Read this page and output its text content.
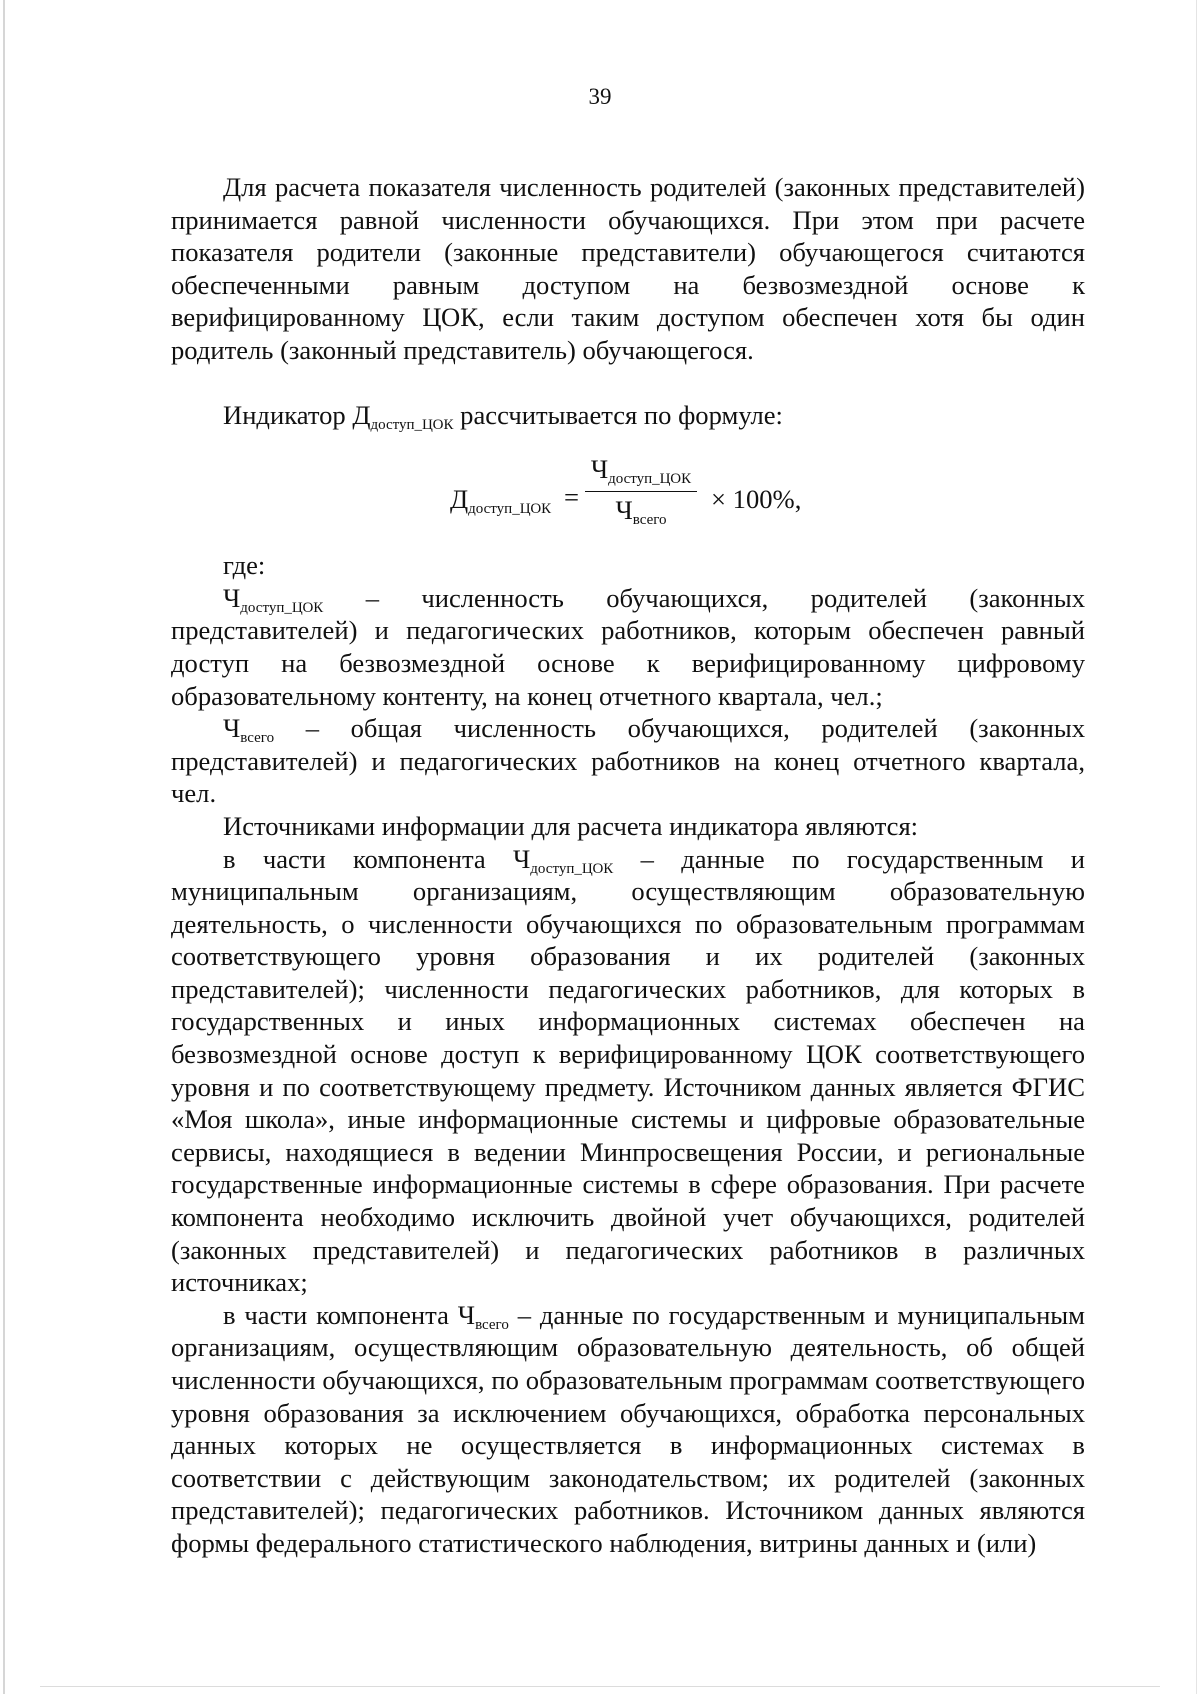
39

Для расчета показателя численность родителей (законных представителей) принимается равной численности обучающихся. При этом при расчете показателя родители (законные представители) обучающегося считаются обеспеченными равным доступом на безвозмездной основе к верифицированному ЦОК, если таким доступом обеспечен хотя бы один родитель (законный представитель) обучающегося.

Индикатор $Д_{доступ\_ЦОК}$ рассчитывается по формуле:

$Д_{доступ\_ЦОК}$ =
$Ч_{доступ\_ЦОК}$
$Ч_{всего}$
× 100%,
где:

$Ч_{доступ\_ЦОК}$ – численность обучающихся, родителей (законных представителей) и педагогических работников, которым обеспечен равный доступ на безвозмездной основе к верифицированному цифровому образовательному контенту, на конец отчетного квартала, чел.;

$Ч_{всего}$ – общая численность обучающихся, родителей (законных представителей) и педагогических работников на конец отчетного квартала, чел.

Источниками информации для расчета индикатора являются:

в части компонента $Ч_{доступ\_ЦОК}$ – данные по государственным и муниципальным организациям, осуществляющим образовательную деятельность, о численности обучающихся по образовательным программам соответствующего уровня образования и их родителей (законных представителей); численности педагогических работников, для которых в государственных и иных информационных системах обеспечен на безвозмездной основе доступ к верифицированному ЦОК соответствующего уровня и по соответствующему предмету. Источником данных является ФГИС «Моя школа», иные информационные системы и цифровые образовательные сервисы, находящиеся в ведении Минпросвещения России, и региональные государственные информационные системы в сфере образования. При расчете компонента необходимо исключить двойной учет обучающихся, родителей (законных представителей) и педагогических работников в различных источниках;

в части компонента $Ч_{всего}$ – данные по государственным и муниципальным организациям, осуществляющим образовательную деятельность, об общей численности обучающихся, по образовательным программам соответствующего уровня образования за исключением обучающихся, обработка персональных данных которых не осуществляется в информационных системах в соответствии с действующим законодательством; их родителей (законных представителей); педагогических работников. Источником данных являются формы федерального статистического наблюдения, витрины данных и (или)
